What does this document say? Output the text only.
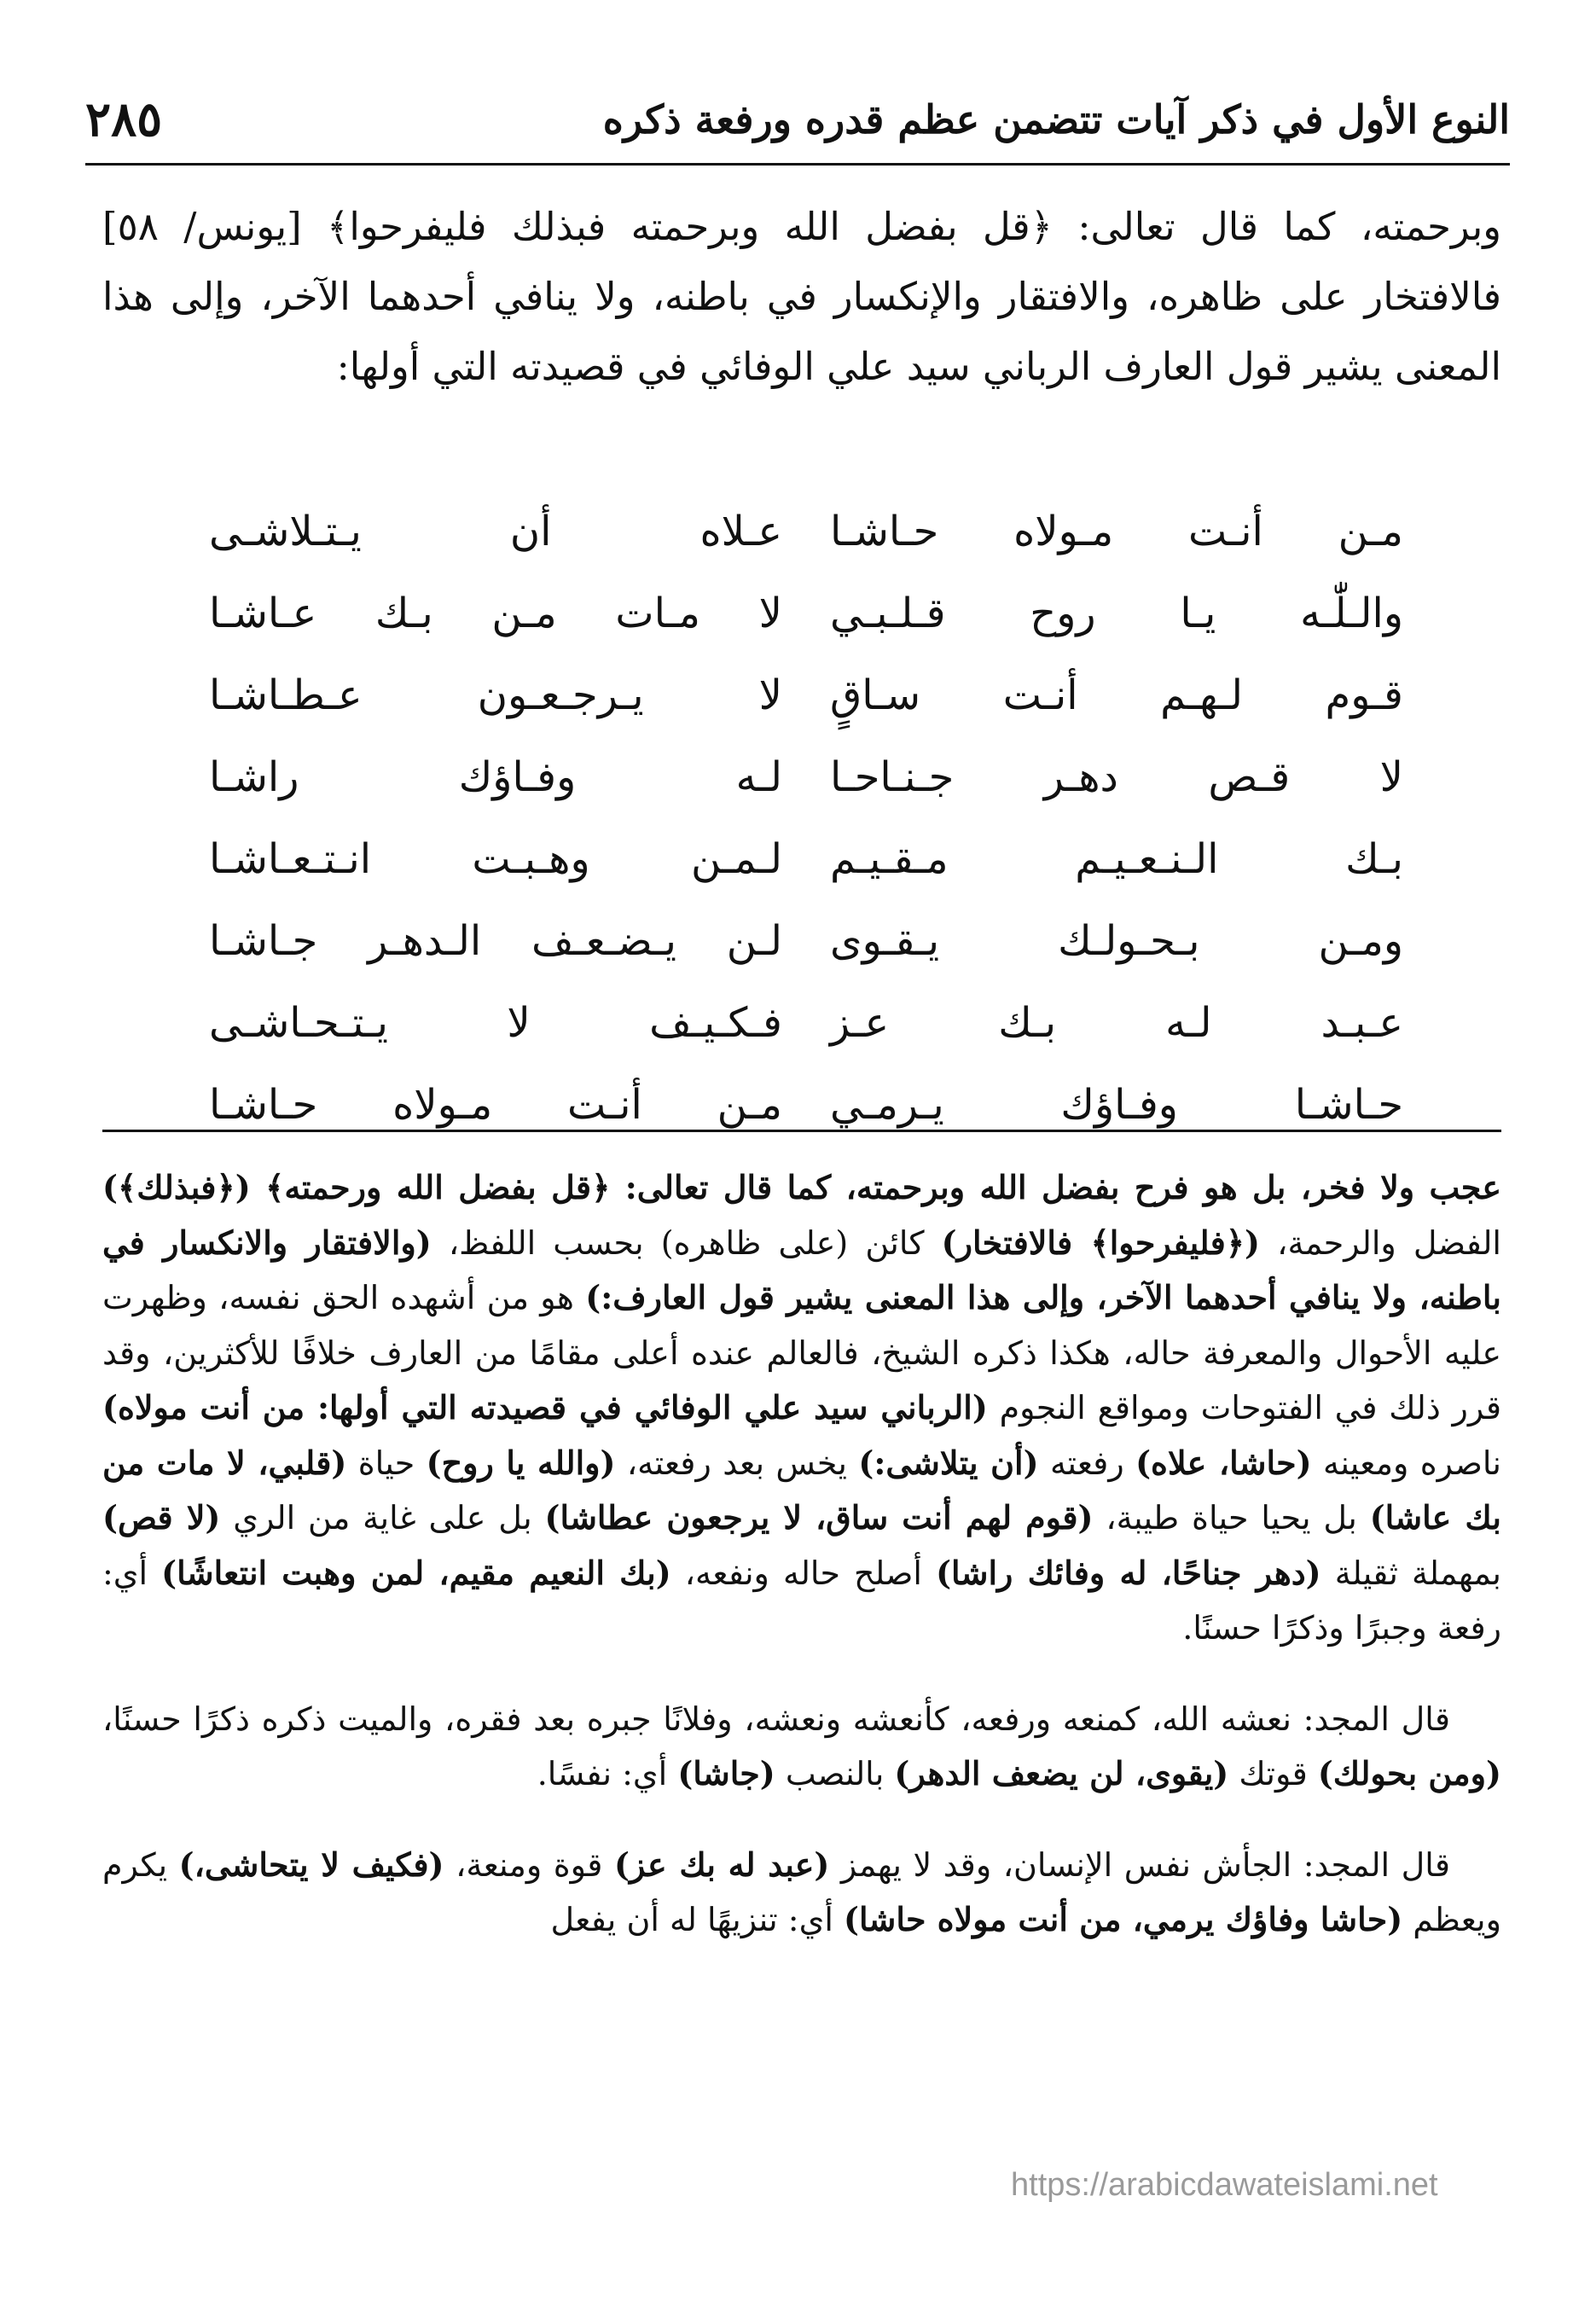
النوع الأول في ذكر آيات تتضمن عظم قدره ورفعة ذكره
٢٨٥

وبرحمته، كما قال تعالى: ﴿قل بفضل الله وبرحمته فبذلك فليفرحوا﴾ [يونس/ ٥٨] فالافتخار على ظاهره، والافتقار والإنكسار في باطنه، ولا ينافي أحدهما الآخر، وإلى هذا المعنى يشير قول العارف الرباني سيد علي الوفائي في قصيدته التي أولها:

مـن أنـت مـولاه حـاشـا
عـلاه أن يـتـلاشـى
والـلّٰـه يـا روح قـلـبـي
لا مـات مـن بـك عـاشـا
قـوم لـهـم أنـت سـاقٍ
لا يـرجـعـون عـطـاشـا
لا قـص دهـر جـنـاحـا
لـه وفـاؤك راشـا
بـك الـنـعـيـم مـقـيـم
لـمـن وهـبـت انـتـعـاشـا
ومـن بـحـولـك يـقـوى
لـن يـضـعـف الـدهـر جـاشـا
عـبـد لـه بـك عـز
فـكـيـف لا يـتـحـاشـى
حـاشـا وفـاؤك يـرمـي
مـن أنـت مـولاه حـاشـا

عجب ولا فخر، بل هو فرح بفضل الله وبرحمته، كما قال تعالى: ﴿قل بفضل الله ورحمته﴾ (﴿فبذلك﴾) الفضل والرحمة، (﴿فليفرحوا﴾ فالافتخار) كائن (على ظاهره) بحسب اللفظ، (والافتقار والانكسار في باطنه، ولا ينافي أحدهما الآخر، وإلى هذا المعنى يشير قول العارف:) هو من أشهده الحق نفسه، وظهرت عليه الأحوال والمعرفة حاله، هكذا ذكره الشيخ، فالعالم عنده أعلى مقامًا من العارف خلافًا للأكثرين، وقد قرر ذلك في الفتوحات ومواقع النجوم (الرباني سيد علي الوفائي في قصيدته التي أولها: من أنت مولاه) ناصره ومعينه (حاشا، علاه) رفعته (أن يتلاشى:) يخس بعد رفعته، (والله يا روح) حياة (قلبي، لا مات من بك عاشا) بل يحيا حياة طيبة، (قوم لهم أنت ساق، لا يرجعون عطاشا) بل على غاية من الري (لا قص) بمهملة ثقيلة (دهر جناحًا، له وفائك راشا) أصلح حاله ونفعه، (بك النعيم مقيم، لمن وهبت انتعاشًا) أي: رفعة وجبرًا وذكرًا حسنًا.

قال المجد: نعشه الله، كمنعه ورفعه، كأنعشه ونعشه، وفلانًا جبره بعد فقره، والميت ذكره ذكرًا حسنًا، (ومن بحولك) قوتك (يقوى، لن يضعف الدهر) بالنصب (جاشا) أي: نفسًا.

قال المجد: الجأش نفس الإنسان، وقد لا يهمز (عبد له بك عز) قوة ومنعة، (فكيف لا يتحاشى،) يكرم ويعظم (حاشا وفاؤك يرمي، من أنت مولاه حاشا) أي: تنزيهًا له أن يفعل

https://arabicdawateislami.net
